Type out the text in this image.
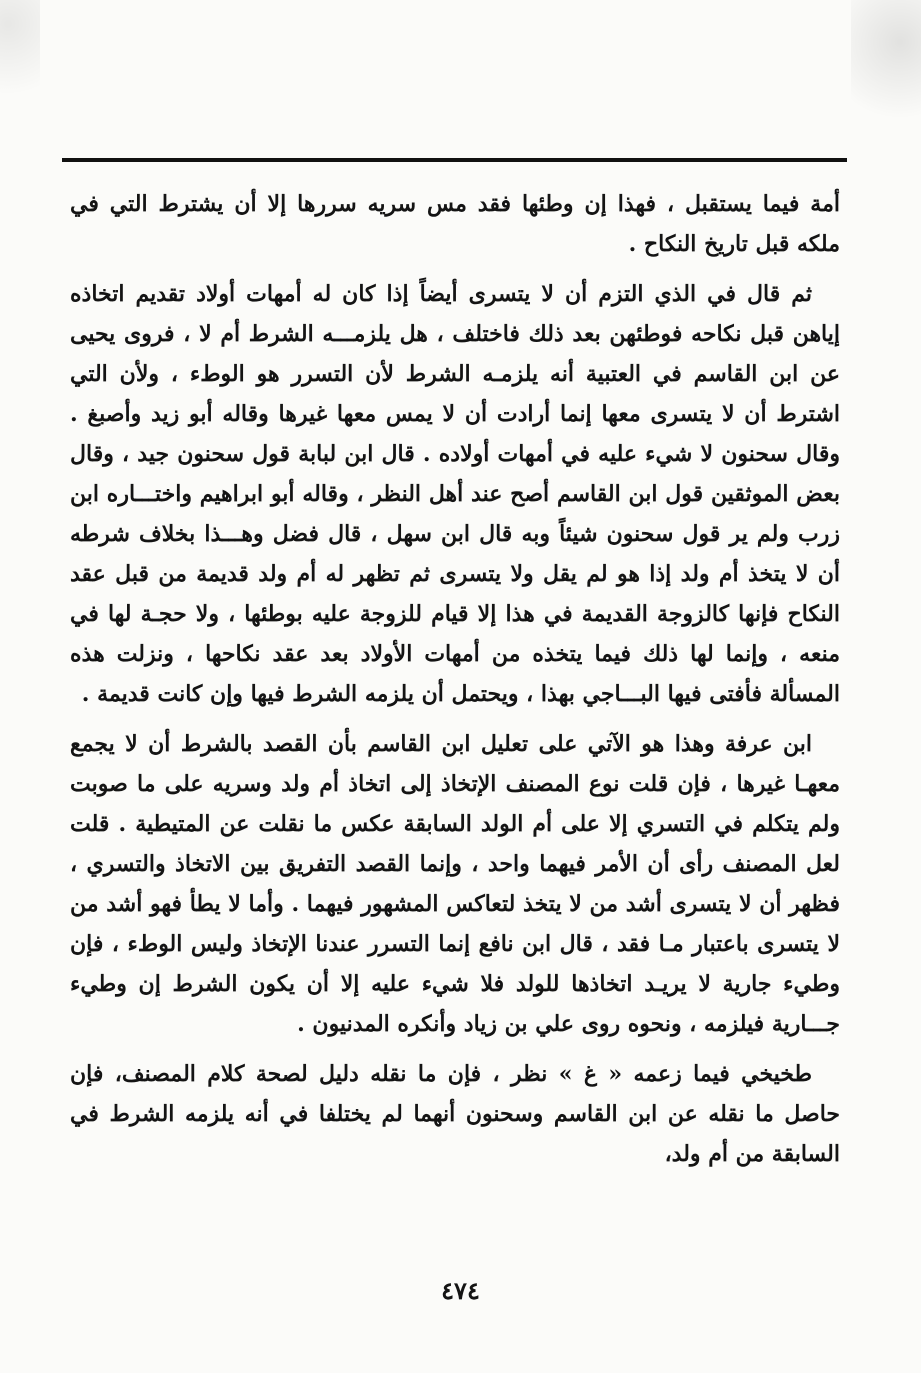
أمة فيما يستقبل ، فهذا إن وطئها فقد مس سريه سررها إلا أن يشترط التي في ملكه قبل تاريخ النكاح .

ثم قال في الذي التزم أن لا يتسرى أيضاً إذا كان له أمهات أولاد تقديم اتخاذه إياهن قبل نكاحه فوطئهن بعد ذلك فاختلف ، هل يلزمـــه الشرط أم لا ، فروى يحيى عن ابن القاسم في العتبية أنه يلزمـه الشرط لأن التسرر هو الوطء ، ولأن التي اشترط أن لا يتسرى معها إنما أرادت أن لا يمس معها غيرها وقاله أبو زيد وأصبغ . وقال سحنون لا شيء عليه في أمهات أولاده . قال ابن لبابة قول سحنون جيد ، وقال بعض الموثقين قول ابن القاسم أصح عند أهل النظر ، وقاله أبو ابراهيم واختـــاره ابن زرب ولم ير قول سحنون شيئاً وبه قال ابن سهل ، قال فضل وهـــذا بخلاف شرطه أن لا يتخذ أم ولد إذا هو لم يقل ولا يتسرى ثم تظهر له أم ولد قديمة من قبل عقد النكاح فإنها كالزوجة القديمة في هذا إلا قيام للزوجة عليه بوطئها ، ولا حجـة لها في منعه ، وإنما لها ذلك فيما يتخذه من أمهات الأولاد بعد عقد نكاحها ، ونزلت هذه المسألة فأفتى فيها البـــاجي بهذا ، ويحتمل أن يلزمه الشرط فيها وإن كانت قديمة .

ابن عرفة وهذا هو الآتي على تعليل ابن القاسم بأن القصد بالشرط أن لا يجمع معهـا غيرها ، فإن قلت نوع المصنف الإتخاذ إلى اتخاذ أم ولد وسريه على ما صوبت ولم يتكلم في التسري إلا على أم الولد السابقة عكس ما نقلت عن المتيطية . قلت لعل المصنف رأى أن الأمر فيهما واحد ، وإنما القصد التفريق بين الاتخاذ والتسري ، فظهر أن لا يتسرى أشد من لا يتخذ لتعاكس المشهور فيهما . وأما لا يطأ فهو أشد من لا يتسرى باعتبار مـا فقد ، قال ابن نافع إنما التسرر عندنا الإتخاذ وليس الوطء ، فإن وطيء جارية لا يريـد اتخاذها للولد فلا شيء عليه إلا أن يكون الشرط إن وطيء جـــارية فيلزمه ، ونحوه روى علي بن زياد وأنكره المدنيون .

طخيخي فيما زعمه « غ » نظر ، فإن ما نقله دليل لصحة كلام المصنف، فإن حاصل ما نقله عن ابن القاسم وسحنون أنهما لم يختلفا في أنه يلزمه الشرط في السابقة من أم ولد،

٤٧٤
